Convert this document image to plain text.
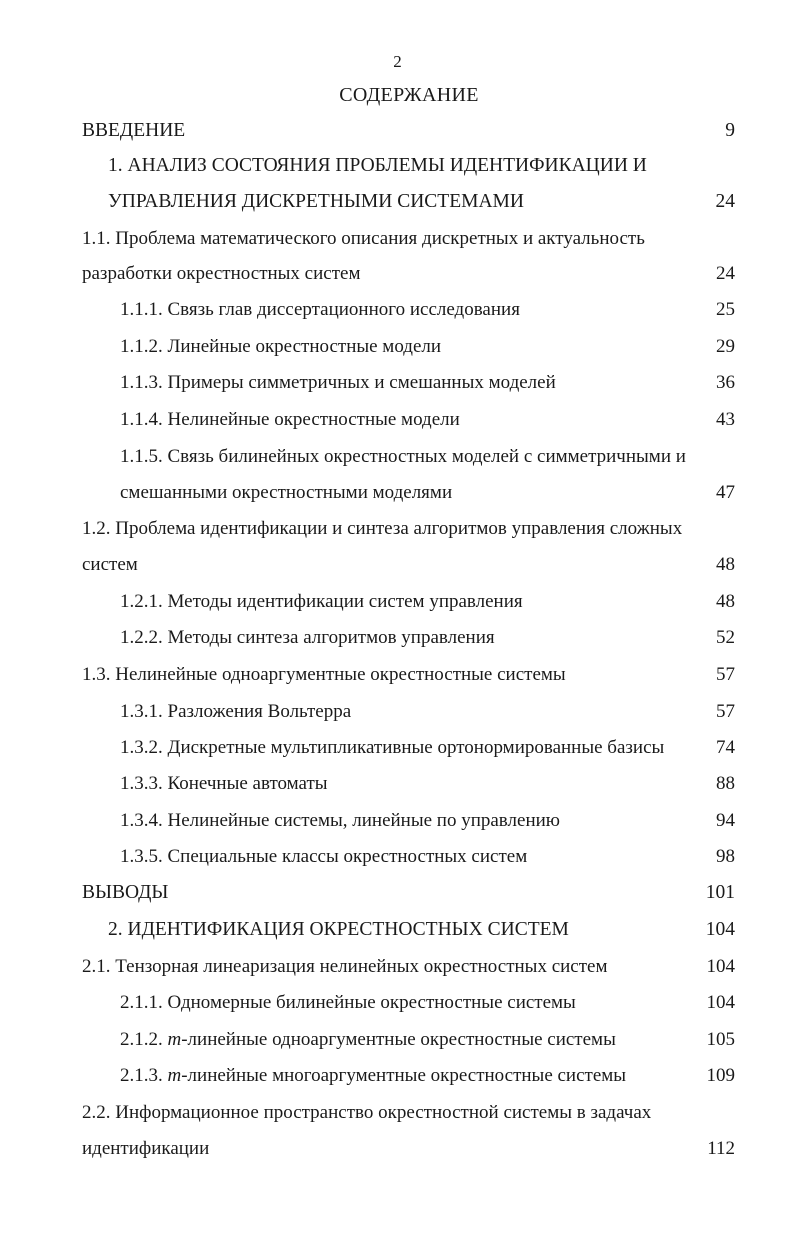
2
СОДЕРЖАНИЕ
ВВЕДЕНИЕ	9
1. АНАЛИЗ СОСТОЯНИЯ ПРОБЛЕМЫ ИДЕНТИФИКАЦИИ И
УПРАВЛЕНИЯ ДИСКРЕТНЫМИ СИСТЕМАМИ	24
1.1. Проблема математического описания дискретных и актуальность
разработки окрестностных систем	24
1.1.1. Связь глав диссертационного исследования	25
1.1.2. Линейные окрестностные модели	29
1.1.3. Примеры симметричных и смешанных моделей	36
1.1.4. Нелинейные окрестностные модели	43
1.1.5. Связь билинейных окрестностных моделей с симметричными и
смешанными окрестностными моделями	47
1.2. Проблема идентификации и синтеза алгоритмов управления сложных
систем	48
1.2.1. Методы идентификации систем управления	48
1.2.2. Методы синтеза алгоритмов управления	52
1.3. Нелинейные одноаргументные окрестностные системы	57
1.3.1. Разложения Вольтерра	57
1.3.2. Дискретные мультипликативные ортонормированные базисы	74
1.3.3. Конечные автоматы	88
1.3.4. Нелинейные системы, линейные по управлению	94
1.3.5. Специальные классы окрестностных систем	98
ВЫВОДЫ	101
2. ИДЕНТИФИКАЦИЯ ОКРЕСТНОСТНЫХ СИСТЕМ	104
2.1. Тензорная линеаризация нелинейных окрестностных систем	104
2.1.1. Одномерные билинейные окрестностные системы	104
2.1.2. m-линейные одноаргументные окрестностные системы	105
2.1.3. m-линейные многоаргументные окрестностные системы	109
2.2. Информационное пространство окрестностной системы в задачах
идентификации	112
